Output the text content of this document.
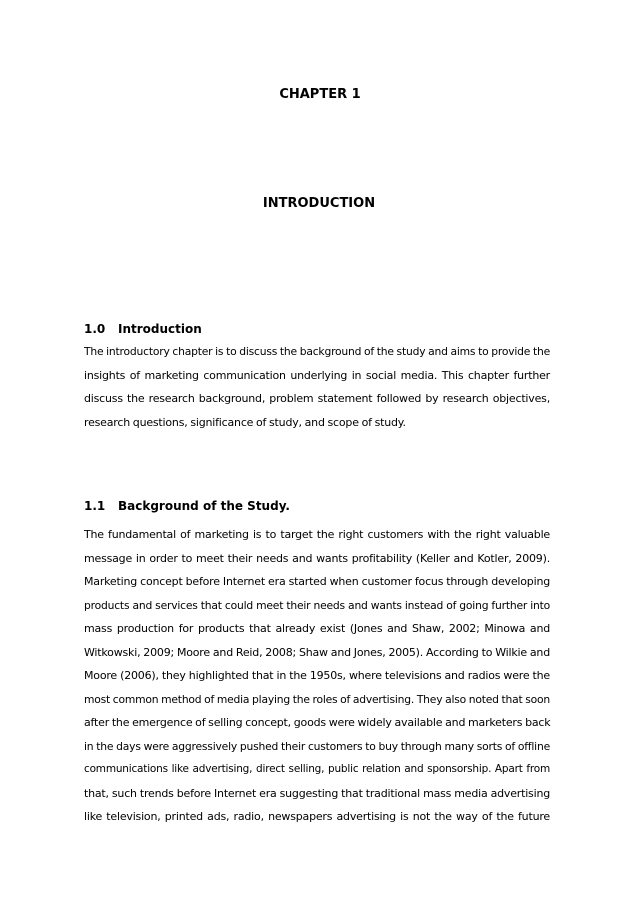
CHAPTER 1
INTRODUCTION
1.0 Introduction
The introductory chapter is to discuss the background of the study and aims to provide the
insights of marketing communication underlying in social media. This chapter further
discuss the research background, problem statement followed by research objectives,
research questions, significance of study, and scope of study.
1.1 Background of the Study.
The fundamental of marketing is to target the right customers with the right valuable
message in order to meet their needs and wants profitability (Keller and Kotler, 2009).
Marketing concept before Internet era started when customer focus through developing
products and services that could meet their needs and wants instead of going further into
mass production for products that already exist (Jones and Shaw, 2002; Minowa and
Witkowski, 2009; Moore and Reid, 2008; Shaw and Jones, 2005). According to Wilkie and
Moore (2006), they highlighted that in the 1950s, where televisions and radios were the
most common method of media playing the roles of advertising. They also noted that soon
after the emergence of selling concept, goods were widely available and marketers back
in the days were aggressively pushed their customers to buy through many sorts of offline
communications like advertising, direct selling, public relation and sponsorship. Apart from
that, such trends before Internet era suggesting that traditional mass media advertising
like television, printed ads, radio, newspapers advertising is not the way of the future
